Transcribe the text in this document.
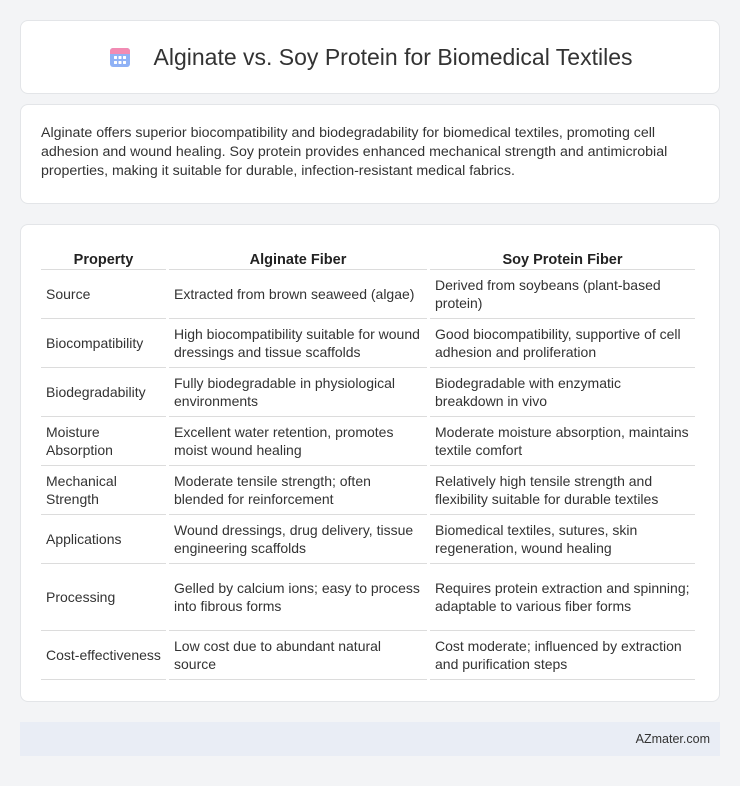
Alginate vs. Soy Protein for Biomedical Textiles

Alginate offers superior biocompatibility and biodegradability for biomedical textiles, promoting cell adhesion and wound healing. Soy protein provides enhanced mechanical strength and antimicrobial properties, making it suitable for durable, infection-resistant medical fabrics.

Property	Alginate Fiber	Soy Protein Fiber
Source	Extracted from brown seaweed (algae)	Derived from soybeans (plant-based protein)
Biocompatibility	High biocompatibility suitable for wound dressings and tissue scaffolds	Good biocompatibility, supportive of cell adhesion and proliferation
Biodegradability	Fully biodegradable in physiological environments	Biodegradable with enzymatic breakdown in vivo
Moisture Absorption	Excellent water retention, promotes moist wound healing	Moderate moisture absorption, maintains textile comfort
Mechanical Strength	Moderate tensile strength; often blended for reinforcement	Relatively high tensile strength and flexibility suitable for durable textiles
Applications	Wound dressings, drug delivery, tissue engineering scaffolds	Biomedical textiles, sutures, skin regeneration, wound healing
Processing	Gelled by calcium ions; easy to process into fibrous forms	Requires protein extraction and spinning; adaptable to various fiber forms
Cost-effectiveness	Low cost due to abundant natural source	Cost moderate; influenced by extraction and purification steps
AZmater.com
